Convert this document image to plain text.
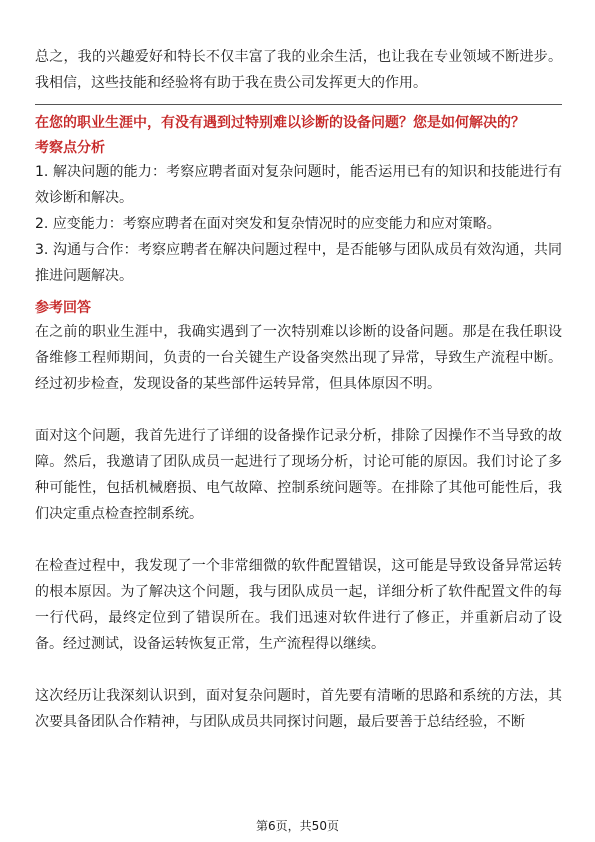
总之，我的兴趣爱好和特长不仅丰富了我的业余生活，也让我在专业领域不断进步。我相信，这些技能和经验将有助于我在贵公司发挥更大的作用。

在您的职业生涯中，有没有遇到过特别难以诊断的设备问题？您是如何解决的？
考察点分析

1. 解决问题的能力：考察应聘者面对复杂问题时，能否运用已有的知识和技能进行有效诊断和解决。

2. 应变能力：考察应聘者在面对突发和复杂情况时的应变能力和应对策略。

3. 沟通与合作：考察应聘者在解决问题过程中，是否能够与团队成员有效沟通，共同推进问题解决。

参考回答

在之前的职业生涯中，我确实遇到了一次特别难以诊断的设备问题。那是在我任职设备维修工程师期间，负责的一台关键生产设备突然出现了异常，导致生产流程中断。经过初步检查，发现设备的某些部件运转异常，但具体原因不明。

面对这个问题，我首先进行了详细的设备操作记录分析，排除了因操作不当导致的故障。然后，我邀请了团队成员一起进行了现场分析，讨论可能的原因。我们讨论了多种可能性，包括机械磨损、电气故障、控制系统问题等。在排除了其他可能性后，我们决定重点检查控制系统。

在检查过程中，我发现了一个非常细微的软件配置错误，这可能是导致设备异常运转的根本原因。为了解决这个问题，我与团队成员一起，详细分析了软件配置文件的每一行代码，最终定位到了错误所在。我们迅速对软件进行了修正，并重新启动了设备。经过测试，设备运转恢复正常，生产流程得以继续。

这次经历让我深刻认识到，面对复杂问题时，首先要有清晰的思路和系统的方法，其次要具备团队合作精神，与团队成员共同探讨问题，最后要善于总结经验，不断

第6页，共50页
